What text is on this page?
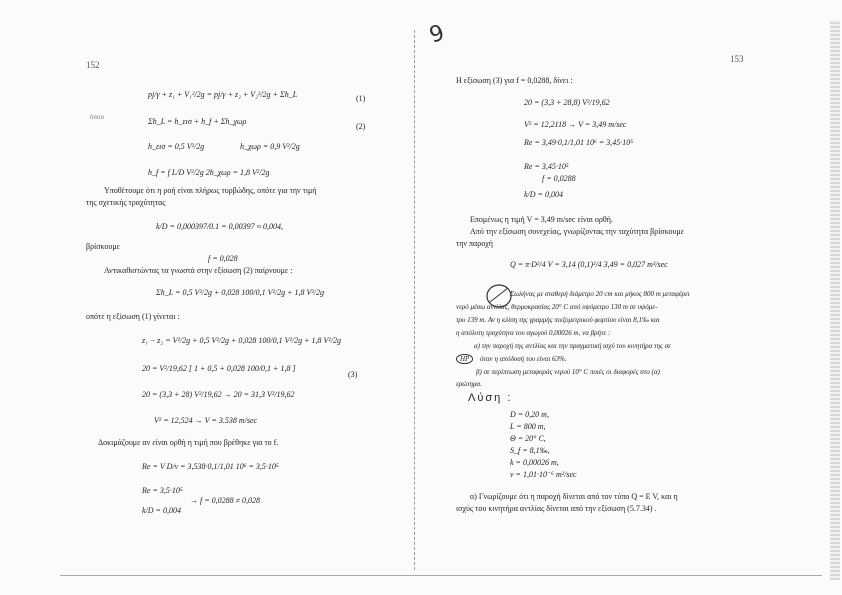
152
pj/γ + z₁ + V₁²/2g = pj/γ + z₂ + V₂²/2g + Σh_L	(1)
όπου	Σh_L = h_εισ + h_f + Σh_χωρ
(2)
h_εισ = 0,5 V²/2g	h_χωρ = 0,9 V²/2g
h_f = f L/D V²/2g 2h_χωρ = 1,8 V²/2g
Υποθέτουμε ότι η ροή είναι πλήρως τυρβώδης, οπότε για την τιμή
της σχετικής τραχύτητας
k/D = 0,000397/0.1 = 0,00397 ≈ 0,004,
βρίσκουμε
f = 0,028
Αντικαθιστώντας τα γνωστά στην εξίσωση (2) παίρνουμε :
Σh_L = 0,5 V²/2g + 0,028 100/0,1 V²/2g + 1,8 V²/2g
οπότε η εξίσωση (1) γίνεται :
z₁ − z₂ = V²/2g + 0,5 V²/2g + 0,028 100/0,1 V²/2g + 1,8 V²/2g
20 = V²/19,62 [ 1 + 0,5 + 0,028 100/0,1 + 1,8 ]
(3)
20 = (3,3 + 28) V²/19,62 → 20 = 31,3 V²/19,62
V² = 12,524 → V = 3.538 m/sec
Δοκιμάζουμε αν είναι ορθή η τιμή που βρέθηκε για το f.
Re = V D/ν = 3,538·0,1/1,01 10⁶ = 3,5·10⁵
Re = 3,5·10⁵
→ f = 0,0288 ≠ 0,028
k/D = 0,004
9
153
Η εξίσωση (3) για f = 0,0288, δίνει :
20 = (3,3 + 28,8) V²/19,62
V² = 12,2118 → V = 3,49 m/sec
Re = 3,49·0,1/1,01 10⁶ = 3,45·10⁵
Re = 3,45·10⁵
f = 0,0288
k/D = 0,004
Επομένως η τιμή V = 3,49 m/sec είναι ορθή.
Από την εξίσωση συνεχείας, γνωρίζοντας την ταχύτητα βρίσκουμε
την παροχή
Q = π·D²/4 V = 3,14 (0,1)²/4 3,49 = 0,027 m³/sec
Σωλήνας με σταθερή διάμετρο 20 cm και μήκος 800 m μεταφέρει
νερό μέσω αντλίας, θερμοκρασίας 20° C από υψόμετρο 130 m σε υψόμε-
τρο 139 m. Αν η κλίση της γραμμής πιεζομετρικού φορτίου είναι 8,1‰ και
η απόλυτη τραχύτητα του αγωγού 0,00026 m, να βρήτε :
α) την παροχή της αντλίας και την πραγματική ισχύ του κινητήρα της σε
HP	όταν η απόδοσή του είναι 63%.
β) σε περίπτωση μεταφοράς νερού 10° C ποιές οι διαφορές στο (α)
ερώτημα.
Λύση :
D = 0,20 m,
L = 800 m,
Θ = 20° C,
S_f = 8,1‰,
k = 0,00026 m,
ν = 1,01·10⁻⁶ m²/sec
α) Γνωρίζουμε ότι η παροχή δίνεται από τον τύπο Q = E V, και η
ισχύς του κινητήρα αντλίας δίνεται από την εξίσωση (5.7.34) .
